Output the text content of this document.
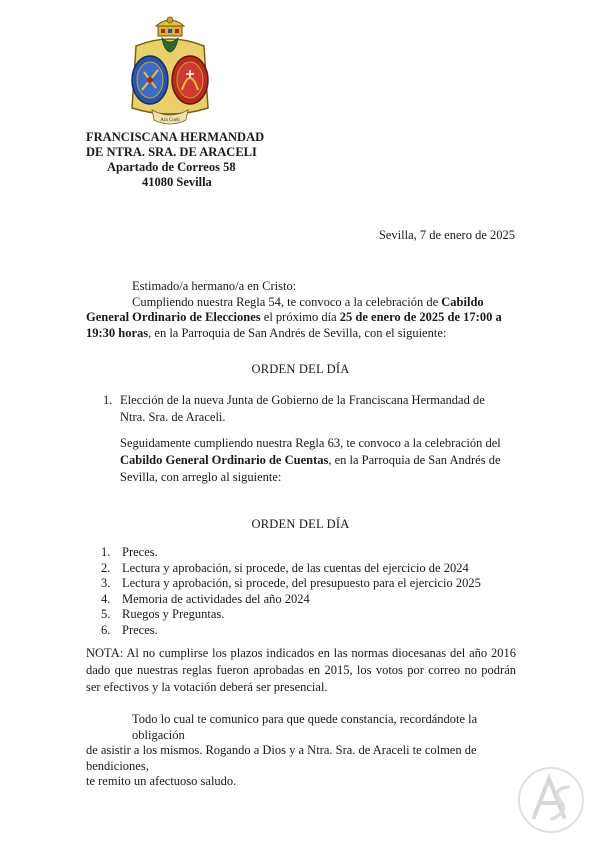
Ara Coeli
FRANCISCANA HERMANDAD
DE NTRA. SRA. DE ARACELI
Apartado de Correos 58
41080 Sevilla
Sevilla, 7 de enero de 2025
Estimado/a hermano/a en Cristo:
Cumpliendo nuestra Regla 54, te convoco a la celebración de Cabildo General Ordinario de Elecciones el próximo día 25 de enero de 2025 de 17:00 a 19:30 horas, en la Parroquia de San Andrés de Sevilla, con el siguiente:
ORDEN DEL DÍA
1. Elección de la nueva Junta de Gobierno de la Franciscana Hermandad de Ntra. Sra. de Araceli.
Seguidamente cumpliendo nuestra Regla 63, te convoco a la celebración del Cabildo General Ordinario de Cuentas, en la Parroquia de San Andrés de Sevilla, con arreglo al siguiente:
ORDEN DEL DÍA
1. Preces.
2. Lectura y aprobación, si procede, de las cuentas del ejercicio de 2024
3. Lectura y aprobación, si procede, del presupuesto para el ejercicio 2025
4. Memoria de actividades del año 2024
5. Ruegos y Preguntas.
6. Preces.
NOTA: Al no cumplirse los plazos indicados en las normas diocesanas del año 2016 dado que nuestras reglas fueron aprobadas en 2015, los votos por correo no podrán ser efectivos y la votación deberá ser presencial.
Todo lo cual te comunico para que quede constancia, recordándote la obligación
de asistir a los mismos. Rogando a Dios y a Ntra. Sra. de Araceli te colmen de bendiciones,
te remito un afectuoso saludo.
